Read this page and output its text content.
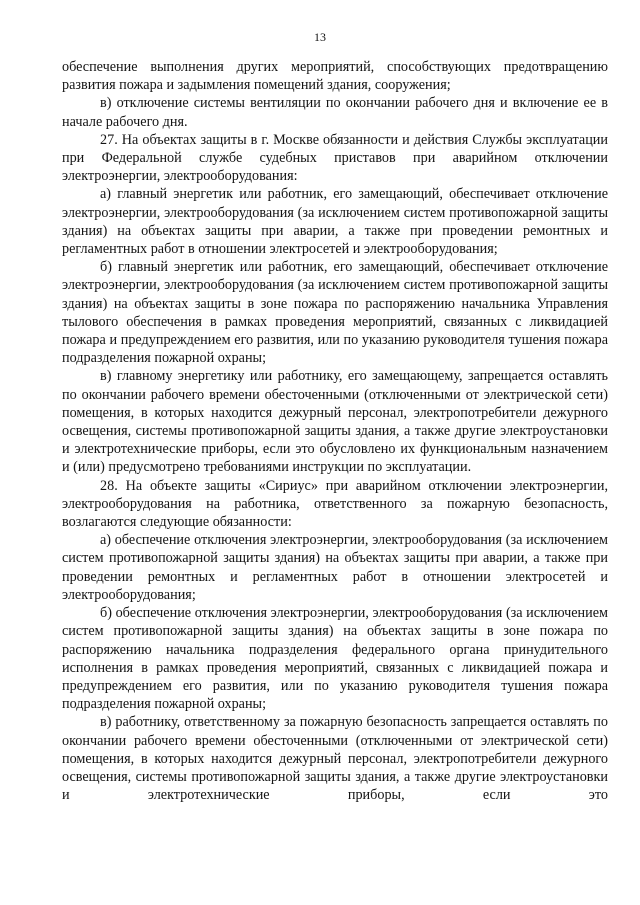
13

обеспечение выполнения других мероприятий, способствующих предотвращению развития пожара и задымления помещений здания, сооружения;

в) отключение системы вентиляции по окончании рабочего дня и включение ее в начале рабочего дня.

27. На объектах защиты в г. Москве обязанности и действия Службы эксплуатации при Федеральной службе судебных приставов при аварийном отключении электроэнергии, электрооборудования:

а) главный энергетик или работник, его замещающий, обеспечивает отключение электроэнергии, электрооборудования (за исключением систем противопожарной защиты здания) на объектах защиты при аварии, а также при проведении ремонтных и регламентных работ в отношении электросетей и электрооборудования;

б) главный энергетик или работник, его замещающий, обеспечивает отключение электроэнергии, электрооборудования (за исключением систем противопожарной защиты здания) на объектах защиты в зоне пожара по распоряжению начальника Управления тылового обеспечения в рамках проведения мероприятий, связанных с ликвидацией пожара и предупреждением его развития, или по указанию руководителя тушения пожара подразделения пожарной охраны;

в) главному энергетику или работнику, его замещающему, запрещается оставлять по окончании рабочего времени обесточенными (отключенными от электрической сети) помещения, в которых находится дежурный персонал, электропотребители дежурного освещения, системы противопожарной защиты здания, а также другие электроустановки и электротехнические приборы, если это обусловлено их функциональным назначением и (или) предусмотрено требованиями инструкции по эксплуатации.

28. На объекте защиты «Сириус» при аварийном отключении электроэнергии, электрооборудования на работника, ответственного за пожарную безопасность, возлагаются следующие обязанности:

а) обеспечение отключения электроэнергии, электрооборудования (за исключением систем противопожарной защиты здания) на объектах защиты при аварии, а также при проведении ремонтных и регламентных работ в отношении электросетей и электрооборудования;

б) обеспечение отключения электроэнергии, электрооборудования (за исключением систем противопожарной защиты здания) на объектах защиты в зоне пожара по распоряжению начальника подразделения федерального органа принудительного исполнения в рамках проведения мероприятий, связанных с ликвидацией пожара и предупреждением его развития, или по указанию руководителя тушения пожара подразделения пожарной охраны;

в) работнику, ответственному за пожарную безопасность запрещается оставлять по окончании рабочего времени обесточенными (отключенными от электрической сети) помещения, в которых находится дежурный персонал, электропотребители дежурного освещения, системы противопожарной защиты здания, а также другие электроустановки и электротехнические приборы, если это
